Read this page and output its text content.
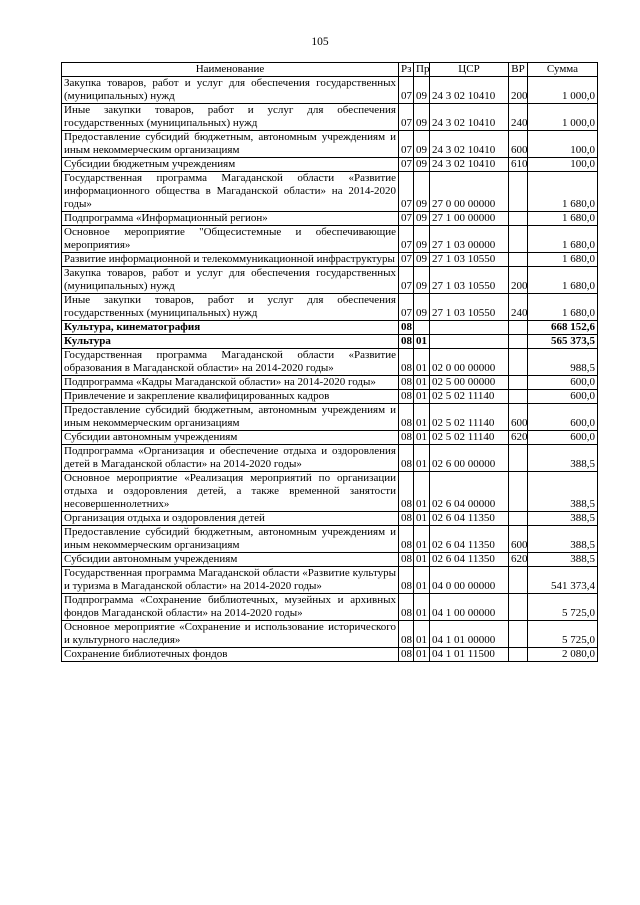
105
Наименование	Рз	Пр	ЦСР	ВР	Сумма
Закупка товаров, работ и услуг для обеспечения государственных (муниципальных) нужд	07	09	24 3 02 10410	200	1 000,0
Иные закупки товаров, работ и услуг для обеспечения государственных (муниципальных) нужд	07	09	24 3 02 10410	240	1 000,0
Предоставление субсидий бюджетным, автономным учреждениям и иным некоммерческим организациям	07	09	24 3 02 10410	600	100,0
Субсидии бюджетным учреждениям	07	09	24 3 02 10410	610	100,0
Государственная программа Магаданской области «Развитие информационного общества в Магаданской области» на 2014-2020 годы»	07	09	27 0 00 00000		1 680,0
Подпрограмма «Информационный регион»	07	09	27 1 00 00000		1 680,0
Основное мероприятие "Общесистемные и обеспечивающие мероприятия»	07	09	27 1 03 00000		1 680,0
Развитие информационной и телекоммуникационной инфраструктуры	07	09	27 1 03 10550		1 680,0
Закупка товаров, работ и услуг для обеспечения государственных (муниципальных) нужд	07	09	27 1 03 10550	200	1 680,0
Иные закупки товаров, работ и услуг для обеспечения государственных (муниципальных) нужд	07	09	27 1 03 10550	240	1 680,0
Культура, кинематография	08				668 152,6
Культура	08	01			565 373,5
Государственная программа Магаданской области «Развитие образования в Магаданской области» на 2014-2020 годы»	08	01	02 0 00 00000		988,5
Подпрограмма «Кадры Магаданской области» на 2014-2020 годы»	08	01	02 5 00 00000		600,0
Привлечение и закрепление квалифицированных кадров	08	01	02 5 02 11140		600,0
Предоставление субсидий бюджетным, автономным учреждениям и иным некоммерческим организациям	08	01	02 5 02 11140	600	600,0
Субсидии автономным учреждениям	08	01	02 5 02 11140	620	600,0
Подпрограмма «Организация и обеспечение отдыха и оздоровления детей в Магаданской области» на 2014-2020 годы»	08	01	02 6 00 00000		388,5
Основное мероприятие «Реализация мероприятий по организации отдыха и оздоровления детей, а также временной занятости несовершеннолетних»	08	01	02 6 04 00000		388,5
Организация отдыха и оздоровления детей	08	01	02 6 04 11350		388,5
Предоставление субсидий бюджетным, автономным учреждениям и иным некоммерческим организациям	08	01	02 6 04 11350	600	388,5
Субсидии автономным учреждениям	08	01	02 6 04 11350	620	388,5
Государственная программа Магаданской области «Развитие культуры и туризма в Магаданской области» на 2014-2020 годы»	08	01	04 0 00 00000		541 373,4
Подпрограмма «Сохранение библиотечных, музейных и архивных фондов Магаданской области» на 2014-2020 годы»	08	01	04 1 00 00000		5 725,0
Основное мероприятие «Сохранение и использование исторического и культурного наследия»	08	01	04 1 01 00000		5 725,0
Сохранение библиотечных фондов	08	01	04 1 01 11500		2 080,0
